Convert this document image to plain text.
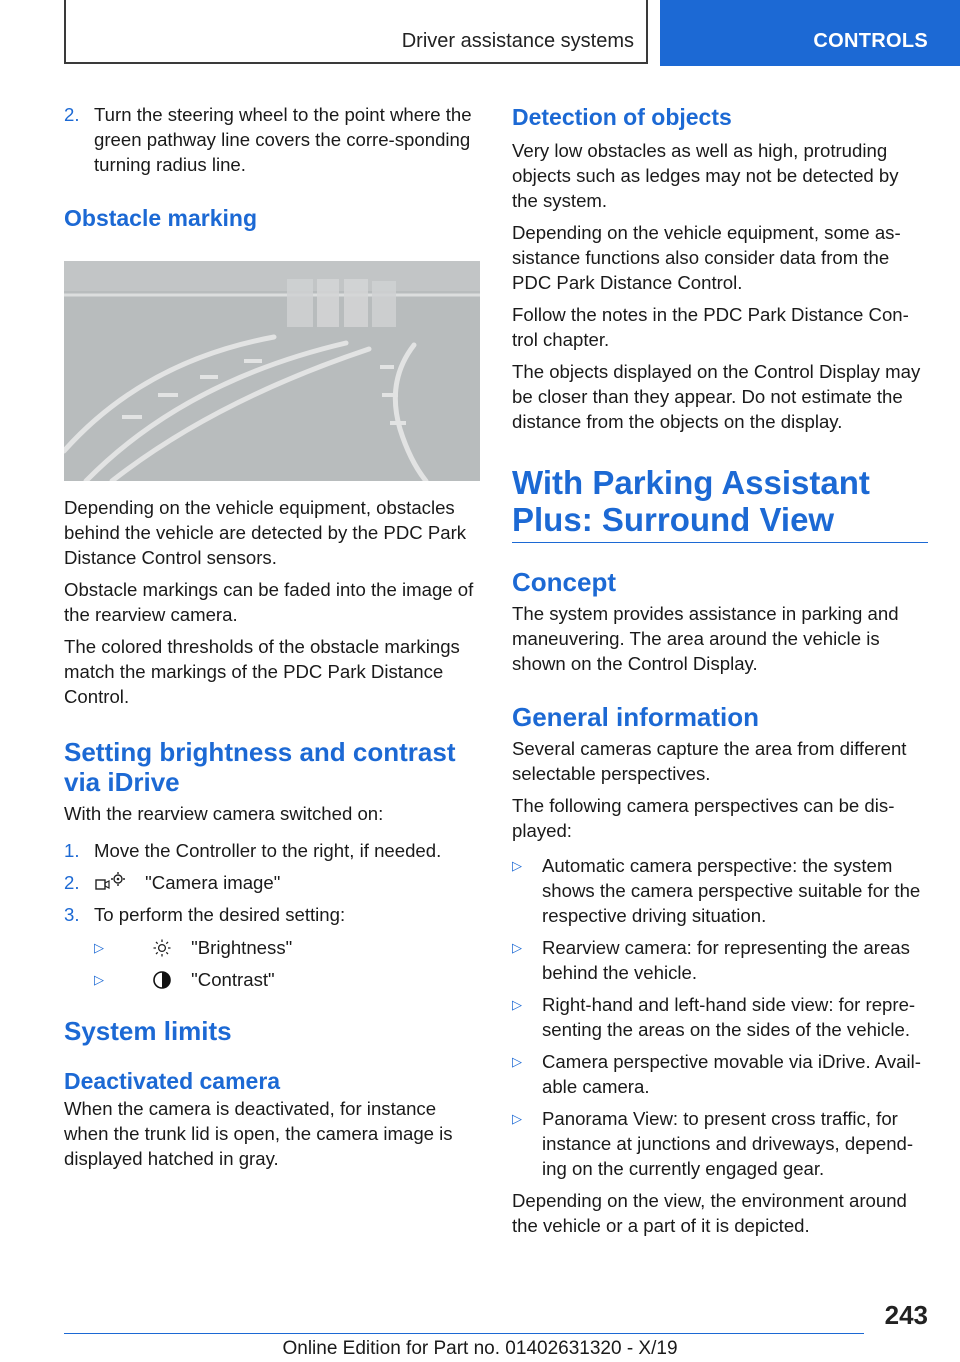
Driver assistance systems	CONTROLS
2. Turn the steering wheel to the point where the green pathway line covers the corre‐sponding turning radius line.
Obstacle marking

Depending on the vehicle equipment, obstacles behind the vehicle are detected by the PDC Park Distance Control sensors.

Obstacle markings can be faded into the image of the rearview camera.

The colored thresholds of the obstacle markings match the markings of the PDC Park Distance Control.

Setting brightness and contrast via iDrive

With the rearview camera switched on:

1. Move the Controller to the right, if needed.
2.	"Camera image"
3. To perform the desired setting:
▷	"Brightness"
▷	"Contrast"
System limits
Deactivated camera

When the camera is deactivated, for instance when the trunk lid is open, the camera image is displayed hatched in gray.

Detection of objects

Very low obstacles as well as high, protruding objects such as ledges may not be detected by the system.

Depending on the vehicle equipment, some as‐sistance functions also consider data from the PDC Park Distance Control.

Follow the notes in the PDC Park Distance Con‐trol chapter.

The objects displayed on the Control Display may be closer than they appear. Do not estimate the distance from the objects on the display.

With Parking Assistant Plus: Surround View
Concept

The system provides assistance in parking and maneuvering. The area around the vehicle is shown on the Control Display.

General information

Several cameras capture the area from different selectable perspectives.

The following camera perspectives can be dis‐played:

▷ Automatic camera perspective: the system shows the camera perspective suitable for the respective driving situation.
▷ Rearview camera: for representing the areas behind the vehicle.
▷ Right-hand and left-hand side view: for repre‐senting the areas on the sides of the vehicle.
▷ Camera perspective movable via iDrive. Avail‐able camera.
▷ Panorama View: to present cross traffic, for instance at junctions and driveways, depend‐ing on the currently engaged gear.

Depending on the view, the environment around the vehicle or a part of it is depicted.

243
Online Edition for Part no. 01402631320 - X/19
